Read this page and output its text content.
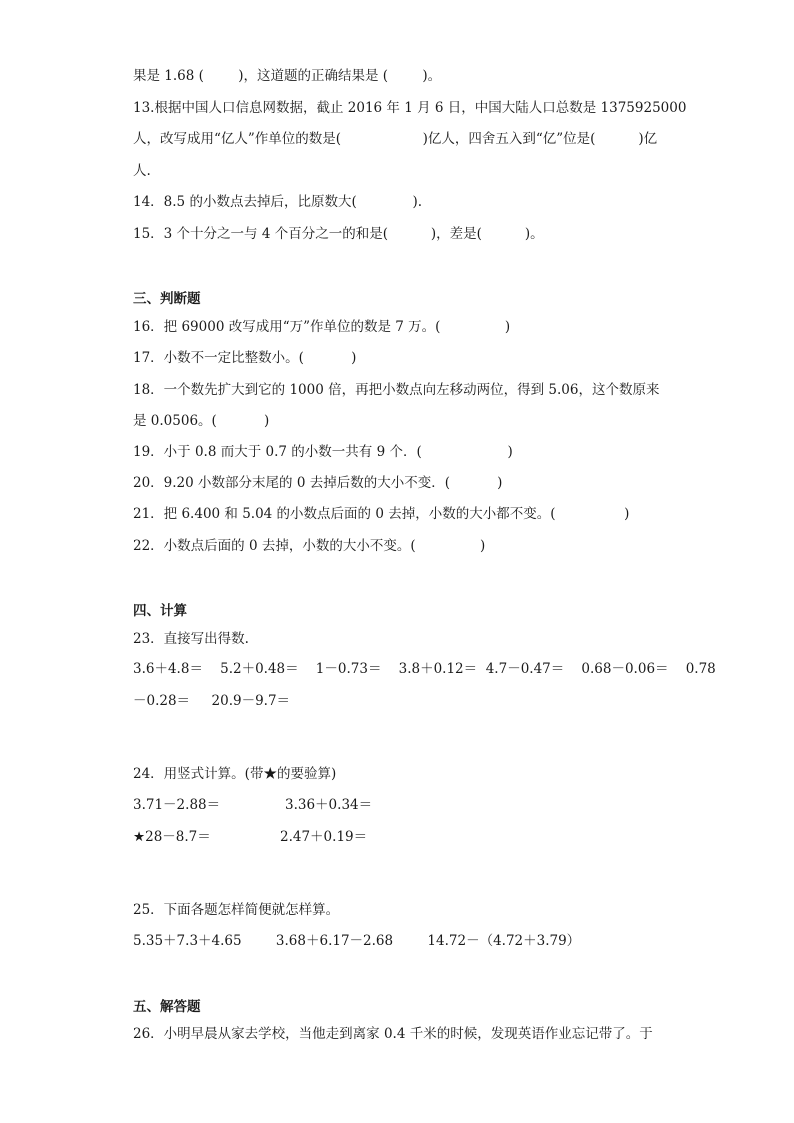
果是 1.68 (        )，这道题的正确结果是 (        )。
13.根据中国人口信息网数据，截止 2016 年 1 月 6 日，中国大陆人口总数是 1375925000
人，改写成用“亿人”作单位的数是(                   )亿人，四舍五入到“亿”位是(          )亿
人.
14．8.5 的小数点去掉后，比原数大(             ).
15．3 个十分之一与 4 个百分之一的和是(          )，差是(          )。
三、判断题
16．把 69000 改写成用“万”作单位的数是 7 万。(               )
17．小数不一定比整数小。(           )
18．一个数先扩大到它的 1000 倍，再把小数点向左移动两位，得到 5.06，这个数原来
是 0.0506。(           )
19．小于 0.8 而大于 0.7 的小数一共有 9 个．(                    )
20．9.20 小数部分末尾的 0 去掉后数的大小不变．(           )
21．把 6.400 和 5.04 的小数点后面的 0 去掉，小数的大小都不变。(                )
22．小数点后面的 0 去掉，小数的大小不变。(               )
四、计算
23．直接写出得数.
3.6＋4.8＝    5.2＋0.48＝    1－0.73＝    3.8＋0.12＝  4.7－0.47＝    0.68－0.06＝    0.78
－0.28＝     20.9－9.7＝
24．用竖式计算。(带★的要验算)
3.71－2.88＝	3.36＋0.34＝
★28－8.7＝	2.47＋0.19＝
25．下面各题怎样简便就怎样算。
5.35＋7.3＋4.65        3.68＋6.17－2.68        14.72－（4.72＋3.79）
五、解答题
26．小明早晨从家去学校，当他走到离家 0.4 千米的时候，发现英语作业忘记带了。于
